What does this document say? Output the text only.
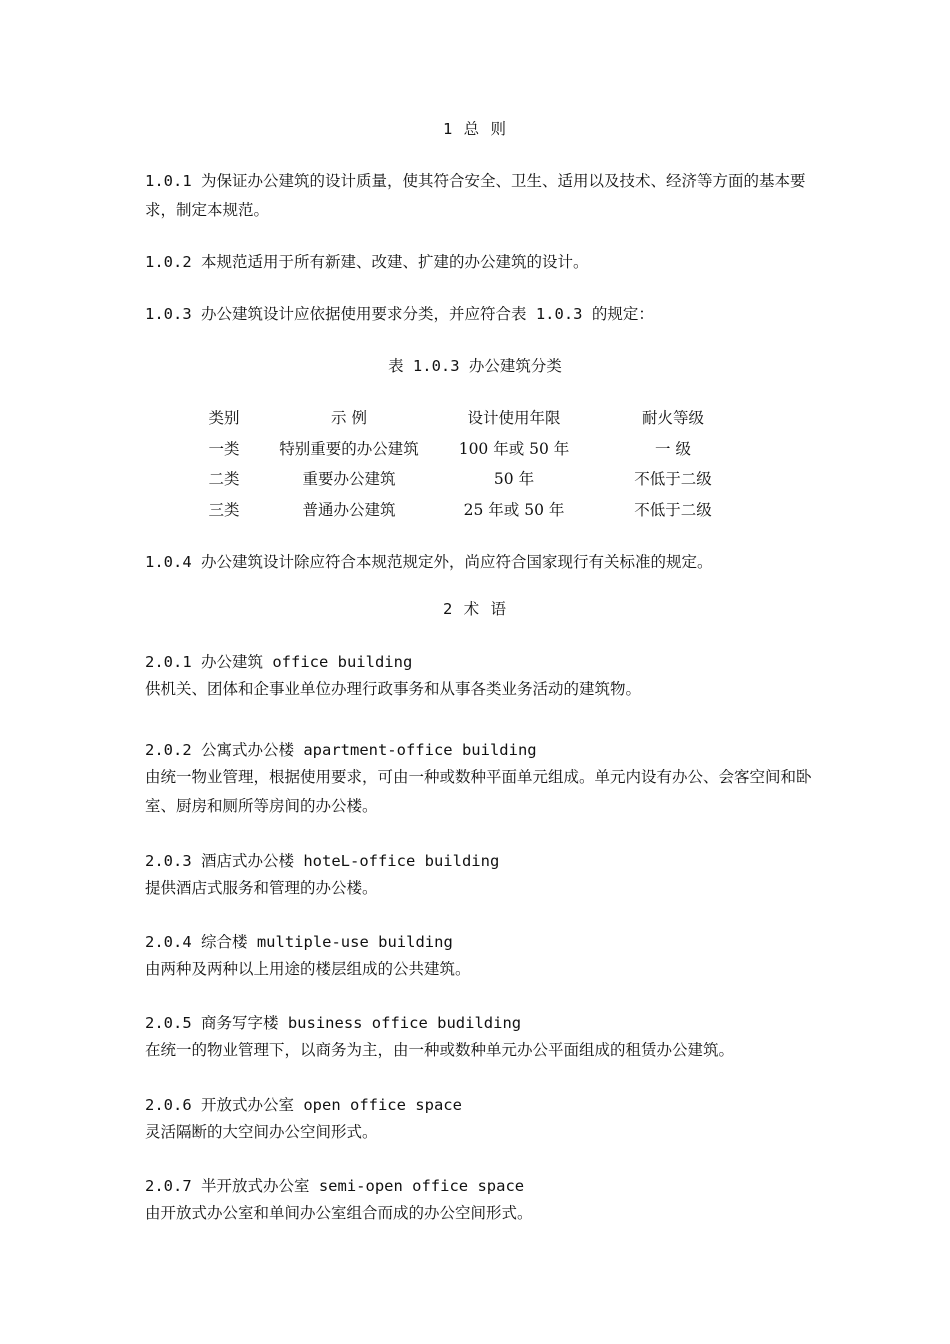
1 总 则
1.0.1 为保证办公建筑的设计质量，使其符合安全、卫生、适用以及技术、经济等方面的基本要求，制定本规范。
1.0.2 本规范适用于所有新建、改建、扩建的办公建筑的设计。
1.0.3 办公建筑设计应依据使用要求分类，并应符合表 1.0.3 的规定：
表 1.0.3 办公建筑分类
类别	示 例	设计使用年限	耐火等级
一类	特别重要的办公建筑	100 年或 50 年	一 级
二类	重要办公建筑	50 年	不低于二级
三类	普通办公建筑	25 年或 50 年	不低于二级
1.0.4 办公建筑设计除应符合本规范规定外，尚应符合国家现行有关标准的规定。
2 术 语
2.0.1 办公建筑 office building
供机关、团体和企事业单位办理行政事务和从事各类业务活动的建筑物。
2.0.2 公寓式办公楼 apartment-office building
由统一物业管理，根据使用要求，可由一种或数种平面单元组成。单元内设有办公、会客空间和卧室、厨房和厕所等房间的办公楼。
2.0.3 酒店式办公楼 hoteL-office building
提供酒店式服务和管理的办公楼。
2.0.4 综合楼 multiple-use building
由两种及两种以上用途的楼层组成的公共建筑。
2.0.5 商务写字楼 business office budilding
在统一的物业管理下，以商务为主，由一种或数种单元办公平面组成的租赁办公建筑。
2.0.6 开放式办公室 open office space
灵活隔断的大空间办公空间形式。
2.0.7 半开放式办公室 semi-open office space
由开放式办公室和单间办公室组合而成的办公空间形式。
